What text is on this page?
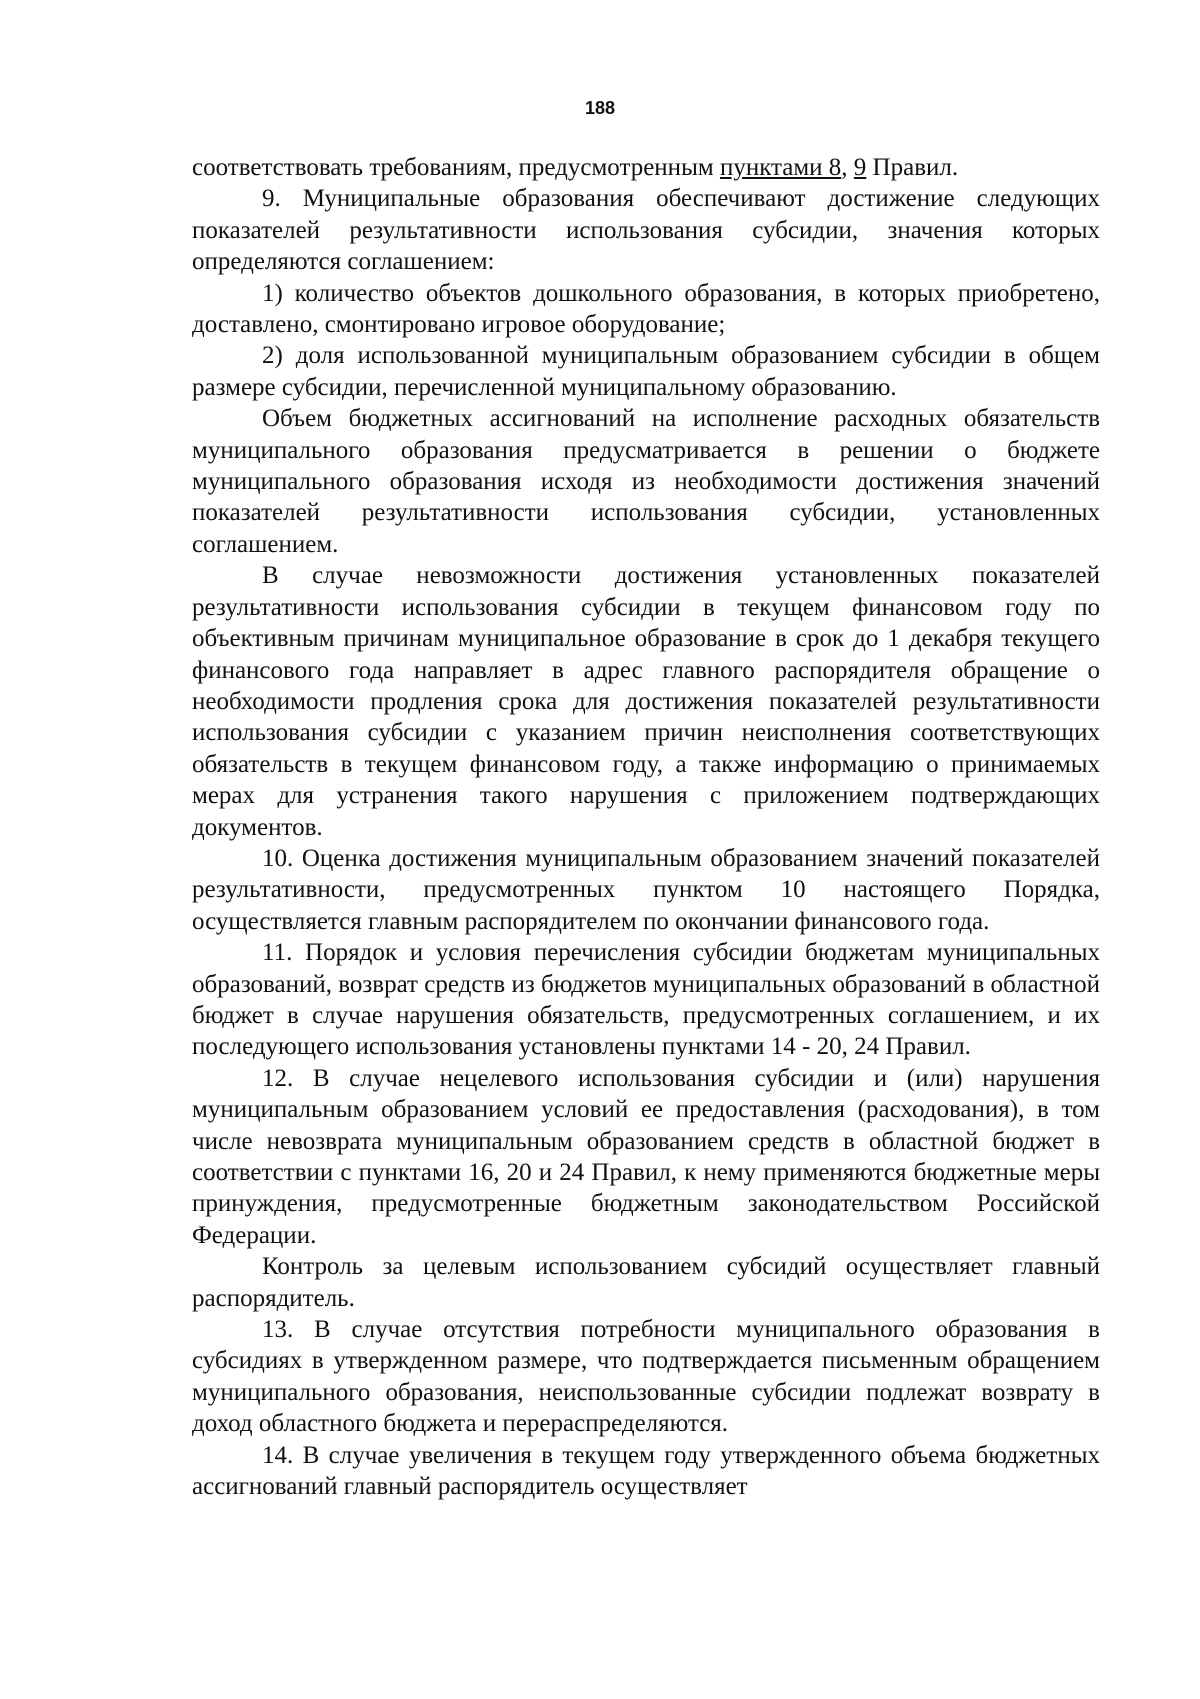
188

соответствовать требованиям, предусмотренным пунктами 8, 9 Правил.

9. Муниципальные образования обеспечивают достижение следующих показателей результативности использования субсидии, значения которых определяются соглашением:

1) количество объектов дошкольного образования, в которых приобретено, доставлено, смонтировано игровое оборудование;

2) доля использованной муниципальным образованием субсидии в общем размере субсидии, перечисленной муниципальному образованию.

Объем бюджетных ассигнований на исполнение расходных обязательств муниципального образования предусматривается в решении о бюджете муниципального образования исходя из необходимости достижения значений показателей результативности использования субсидии, установленных соглашением.

В случае невозможности достижения установленных показателей результативности использования субсидии в текущем финансовом году по объективным причинам муниципальное образование в срок до 1 декабря текущего финансового года направляет в адрес главного распорядителя обращение о необходимости продления срока для достижения показателей результативности использования субсидии с указанием причин неисполнения соответствующих обязательств в текущем финансовом году, а также информацию о принимаемых мерах для устранения такого нарушения с приложением подтверждающих документов.

10. Оценка достижения муниципальным образованием значений показателей результативности, предусмотренных пунктом 10 настоящего Порядка, осуществляется главным распорядителем по окончании финансового года.

11. Порядок и условия перечисления субсидии бюджетам муниципальных образований, возврат средств из бюджетов муниципальных образований в областной бюджет в случае нарушения обязательств, предусмотренных соглашением, и их последующего использования установлены пунктами 14 - 20, 24 Правил.

12. В случае нецелевого использования субсидии и (или) нарушения муниципальным образованием условий ее предоставления (расходования), в том числе невозврата муниципальным образованием средств в областной бюджет в соответствии с пунктами 16, 20 и 24 Правил, к нему применяются бюджетные меры принуждения, предусмотренные бюджетным законодательством Российской Федерации.

Контроль за целевым использованием субсидий осуществляет главный распорядитель.

13. В случае отсутствия потребности муниципального образования в субсидиях в утвержденном размере, что подтверждается письменным обращением муниципального образования, неиспользованные субсидии подлежат возврату в доход областного бюджета и перераспределяются.

14. В случае увеличения в текущем году утвержденного объема бюджетных ассигнований главный распорядитель осуществляет
